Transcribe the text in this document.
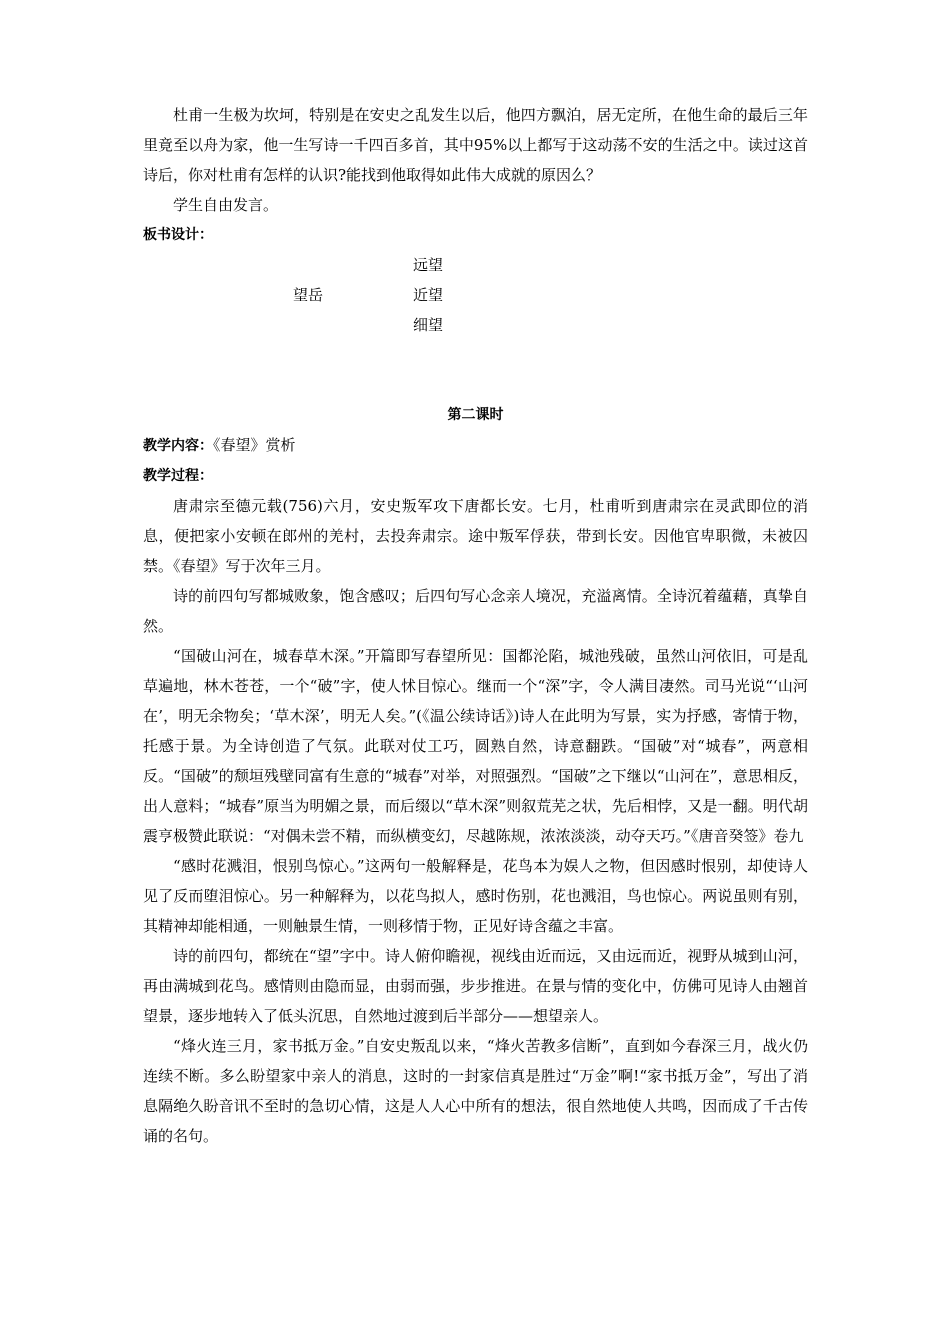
杜甫一生极为坎坷，特别是在安史之乱发生以后，他四方飘泊，居无定所，在他生命的最后三年里竟至以舟为家，他一生写诗一千四百多首，其中95%以上都写于这动荡不安的生活之中。读过这首诗后，你对杜甫有怎样的认识?能找到他取得如此伟大成就的原因么？

学生自由发言。

板书设计：

望岳
远望
近望
细望

第二课时

教学内容：《春望》赏析

教学过程：

唐肃宗至德元载(756)六月，安史叛军攻下唐都长安。七月，杜甫听到唐肃宗在灵武即位的消息，便把家小安顿在郎州的羌村，去投奔肃宗。途中叛军俘获，带到长安。因他官卑职微，未被囚禁。《春望》写于次年三月。

诗的前四句写都城败象，饱含感叹；后四句写心念亲人境况，充溢离情。全诗沉着蕴藉，真挚自然。

“国破山河在，城春草木深。”开篇即写春望所见：国都沦陷，城池残破，虽然山河依旧，可是乱草遍地，林木苍苍，一个“破”字，使人怵目惊心。继而一个“深”字，令人满目凄然。司马光说“‘山河在’，明无余物矣；‘草木深’，明无人矣。”(《温公续诗话》)诗人在此明为写景，实为抒感，寄情于物，托感于景。为全诗创造了气氛。此联对仗工巧，圆熟自然，诗意翻跌。“国破”对“城春”，两意相反。“国破”的颓垣残壁同富有生意的“城春”对举，对照强烈。“国破”之下继以“山河在”，意思相反，出人意料；“城春”原当为明媚之景，而后缀以“草木深”则叙荒芜之状，先后相悖，又是一翻。明代胡震亨极赞此联说：“对偶未尝不精，而纵横变幻，尽越陈规，浓浓淡淡，动夺天巧。”《唐音癸签》卷九

“感时花溅泪，恨别鸟惊心。”这两句一般解释是，花鸟本为娱人之物，但因感时恨别，却使诗人见了反而堕泪惊心。另一种解释为，以花鸟拟人，感时伤别，花也溅泪，鸟也惊心。两说虽则有别，其精神却能相通，一则触景生情，一则移情于物，正见好诗含蕴之丰富。

诗的前四句，都统在“望”字中。诗人俯仰瞻视，视线由近而远，又由远而近，视野从城到山河，再由满城到花鸟。感情则由隐而显，由弱而强，步步推进。在景与情的变化中，仿佛可见诗人由翘首望景，逐步地转入了低头沉思，自然地过渡到后半部分——想望亲人。

“烽火连三月，家书抵万金。”自安史叛乱以来，“烽火苦教多信断”，直到如今春深三月，战火仍连续不断。多么盼望家中亲人的消息，这时的一封家信真是胜过“万金”啊!“家书抵万金”，写出了消息隔绝久盼音讯不至时的急切心情，这是人人心中所有的想法，很自然地使人共鸣，因而成了千古传诵的名句。
